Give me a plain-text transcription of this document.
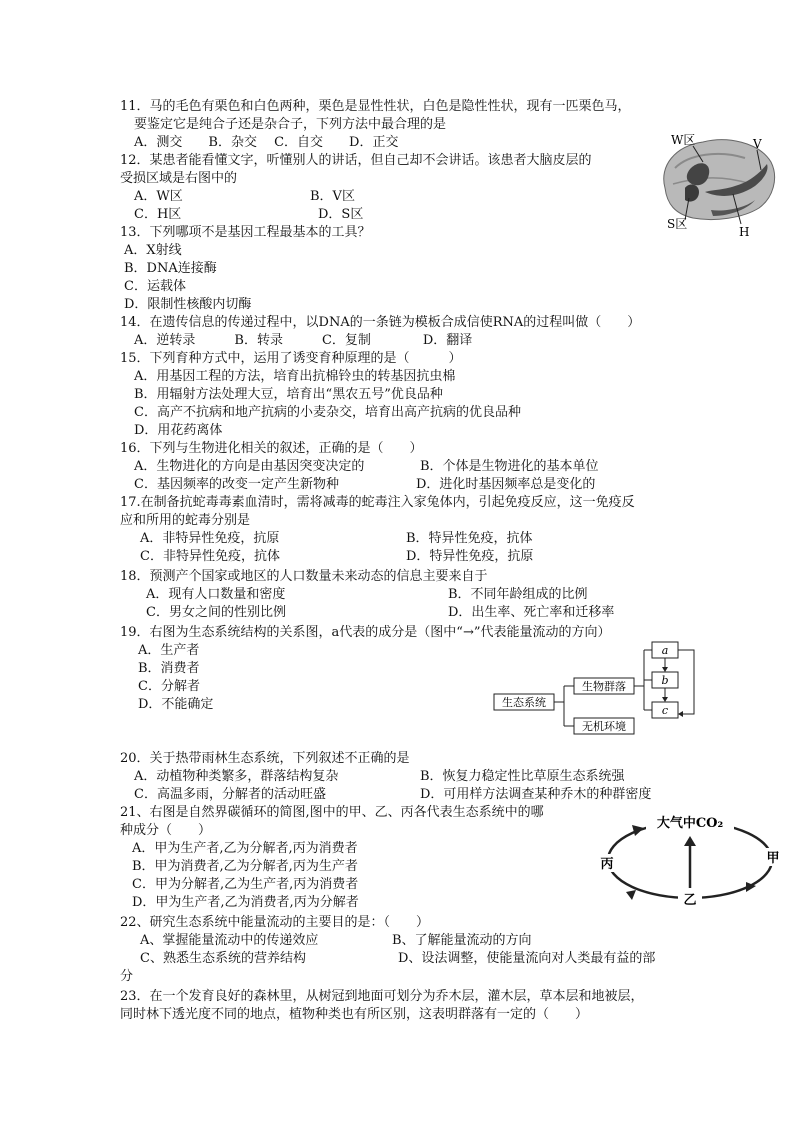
11．马的毛色有栗色和白色两种，栗色是显性性状，白色是隐性性状，现有一匹栗色马，
要鉴定它是纯合子还是杂合子，下列方法中最合理的是
A．测交　　B．杂交　 C．自交　　D．正交
12．某患者能看懂文字，听懂别人的讲话，但自己却不会讲话。该患者大脑皮层的
受损区域是右图中的
A．W区	B．V区
C．H区	D．S区
W区	V
S区
H
13．下列哪项不是基因工程最基本的工具？
A．X射线
B．DNA连接酶
C．运载体
D．限制性核酸内切酶
14．在遗传信息的传递过程中，以DNA的一条链为模板合成信使RNA的过程叫做（　　）
A．逆转录　　　B．转录　　　C．复制　　　　D．翻译
15．下列育种方式中，运用了诱变育种原理的是（　　　）
A．用基因工程的方法，培育出抗棉铃虫的转基因抗虫棉
B．用辐射方法处理大豆，培育出“黑农五号”优良品种
C．高产不抗病和地产抗病的小麦杂交，培育出高产抗病的优良品种
D．用花药离体
16．下列与生物进化相关的叙述，正确的是（　　）
A．生物进化的方向是由基因突变决定的	B．个体是生物进化的基本单位
C．基因频率的改变一定产生新物种	D．进化时基因频率总是变化的
17.在制备抗蛇毒毒素血清时，需将减毒的蛇毒注入家兔体内，引起免疫反应，这一免疫反
应和所用的蛇毒分别是
A．非特异性免疫，抗原	B．特异性免疫，抗体
C．非特异性免疫，抗体	D．特异性免疫，抗原
18．预测产个国家或地区的人口数量未来动态的信息主要来自于
A．现有人口数量和密度	B．不同年龄组成的比例
C．男女之间的性别比例	D．出生率、死亡率和迁移率
19．右图为生态系统结构的关系图，a代表的成分是（图中“→”代表能量流动的方向）
A．生产者
B．消费者
C．分解者
D．不能确定	生态系统
生物群落
无机环境
a
b
c
20．关于热带雨林生态系统，下列叙述不正确的是
A．动植物种类繁多，群落结构复杂	B．恢复力稳定性比草原生态系统强
C．高温多雨，分解者的活动旺盛	D．可用样方法调查某种乔木的种群密度
21、右图是自然界碳循环的简图,图中的甲、乙、丙各代表生态系统中的哪
种成分（　　）
A．甲为生产者,乙为分解者,丙为消费者
B．甲为消费者,乙为分解者,丙为生产者
C．甲为分解者,乙为生产者,丙为消费者
D．甲为生产者,乙为消费者,丙为分解者
大气中CO₂
丙	甲
乙
22、研究生态系统中能量流动的主要目的是：（　　）
A、掌握能量流动中的传递效应	B、了解能量流动的方向
C、熟悉生态系统的营养结构	D、设法调整，使能量流向对人类最有益的部
分
23．在一个发育良好的森林里，从树冠到地面可划分为乔木层，灌木层，草本层和地被层，
同时林下透光度不同的地点，植物种类也有所区别，这表明群落有一定的（　　）
